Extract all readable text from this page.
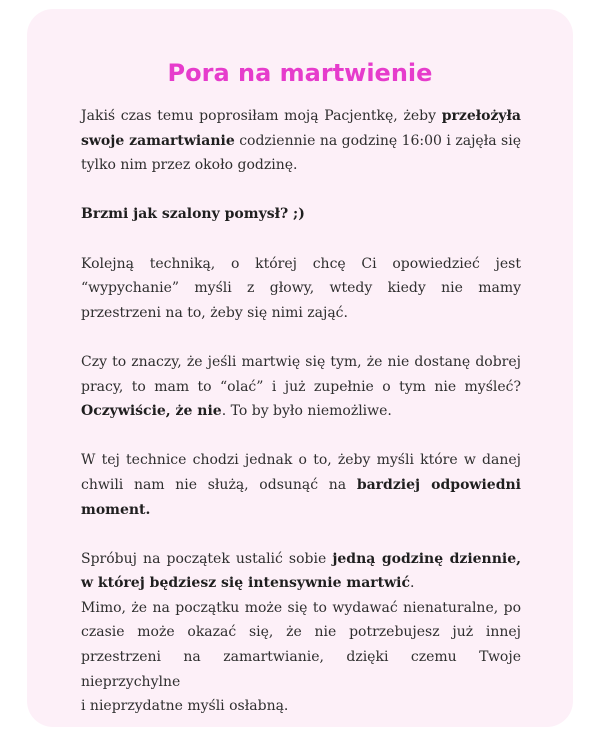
Pora na martwienie

Jakiś czas temu poprosiłam moją Pacjentkę, żeby przełożyła swoje zamartwianie codziennie na godzinę 16:00 i zajęła się tylko nim przez około godzinę.

Brzmi jak szalony pomysł? ;)

Kolejną techniką, o której chcę Ci opowiedzieć jest “wypychanie” myśli z głowy, wtedy kiedy nie mamy przestrzeni na to, żeby się nimi zająć.

Czy to znaczy, że jeśli martwię się tym, że nie dostanę dobrej pracy, to mam to “olać” i już zupełnie o tym nie myśleć? Oczywiście, że nie. To by było niemożliwe.

W tej technice chodzi jednak o to, żeby myśli które w danej chwili nam nie służą, odsunąć na bardziej odpowiedni moment.

Spróbuj na początek ustalić sobie jedną godzinę dziennie, w której będziesz się intensywnie martwić.

Mimo, że na początku może się to wydawać nienaturalne, po czasie może okazać się, że nie potrzebujesz już innej przestrzeni na zamartwianie, dzięki czemu Twoje nieprzychylne

i nieprzydatne myśli osłabną.
